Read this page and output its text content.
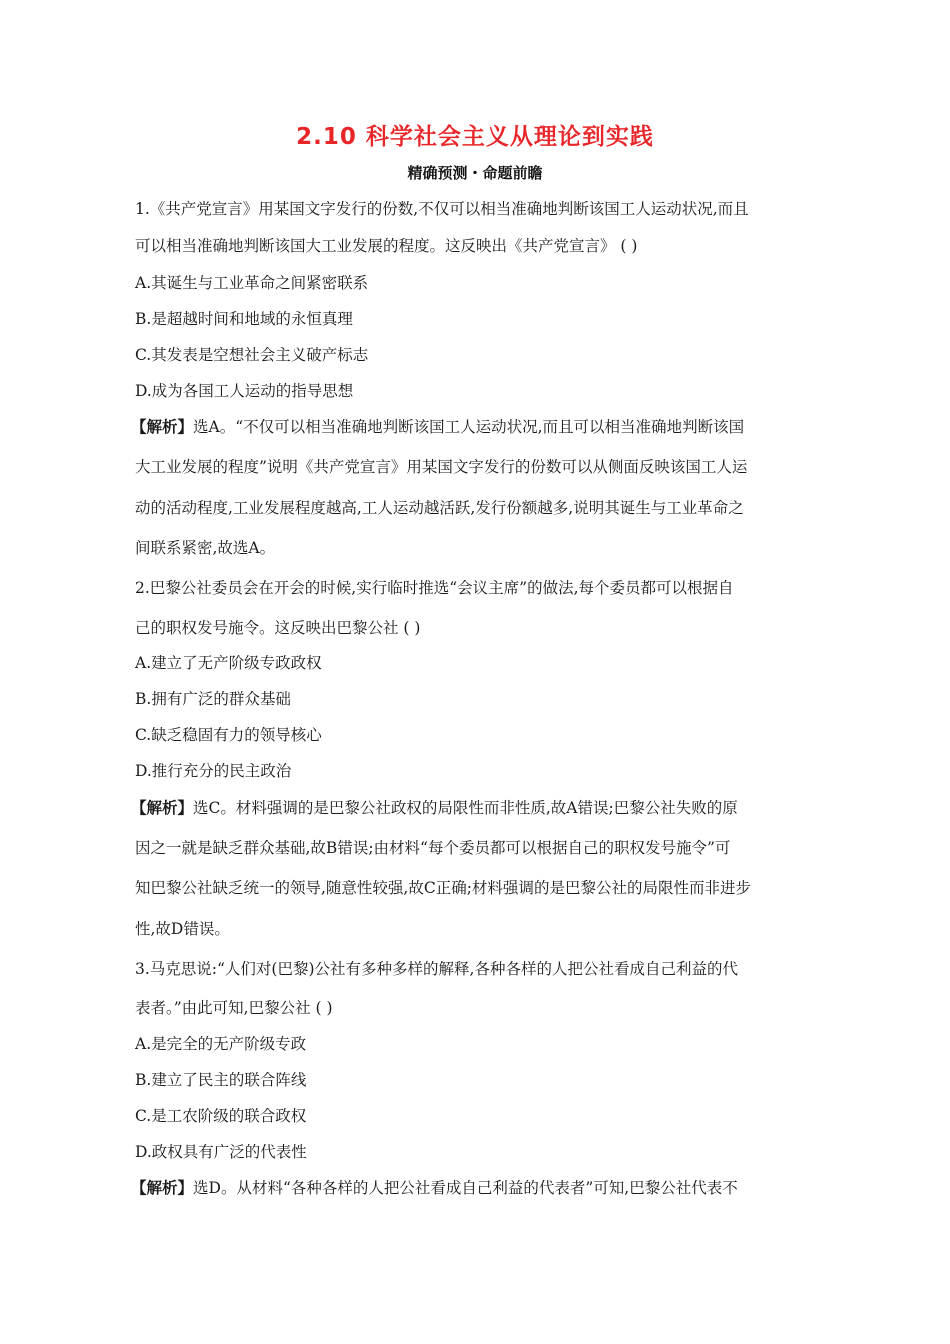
2.10 科学社会主义从理论到实践
精确预测・命题前瞻
1.《共产党宣言》用某国文字发行的份数,不仅可以相当准确地判断该国工人运动状况,而且
可以相当准确地判断该国大工业发展的程度。这反映出《共产党宣言》 ( )
A.其诞生与工业革命之间紧密联系
B.是超越时间和地域的永恒真理
C.其发表是空想社会主义破产标志
D.成为各国工人运动的指导思想
【解析】选A。“不仅可以相当准确地判断该国工人运动状况,而且可以相当准确地判断该国
大工业发展的程度”说明《共产党宣言》用某国文字发行的份数可以从侧面反映该国工人运
动的活动程度,工业发展程度越高,工人运动越活跃,发行份额越多,说明其诞生与工业革命之
间联系紧密,故选A。
2.巴黎公社委员会在开会的时候,实行临时推选“会议主席”的做法,每个委员都可以根据自
己的职权发号施令。这反映出巴黎公社 ( )
A.建立了无产阶级专政政权
B.拥有广泛的群众基础
C.缺乏稳固有力的领导核心
D.推行充分的民主政治
【解析】选C。材料强调的是巴黎公社政权的局限性而非性质,故A错误;巴黎公社失败的原
因之一就是缺乏群众基础,故B错误;由材料“每个委员都可以根据自己的职权发号施令”可
知巴黎公社缺乏统一的领导,随意性较强,故C正确;材料强调的是巴黎公社的局限性而非进步
性,故D错误。
3.马克思说:“人们对(巴黎)公社有多种多样的解释,各种各样的人把公社看成自己利益的代
表者。”由此可知,巴黎公社 ( )
A.是完全的无产阶级专政
B.建立了民主的联合阵线
C.是工农阶级的联合政权
D.政权具有广泛的代表性
【解析】选D。从材料“各种各样的人把公社看成自己利益的代表者”可知,巴黎公社代表不
